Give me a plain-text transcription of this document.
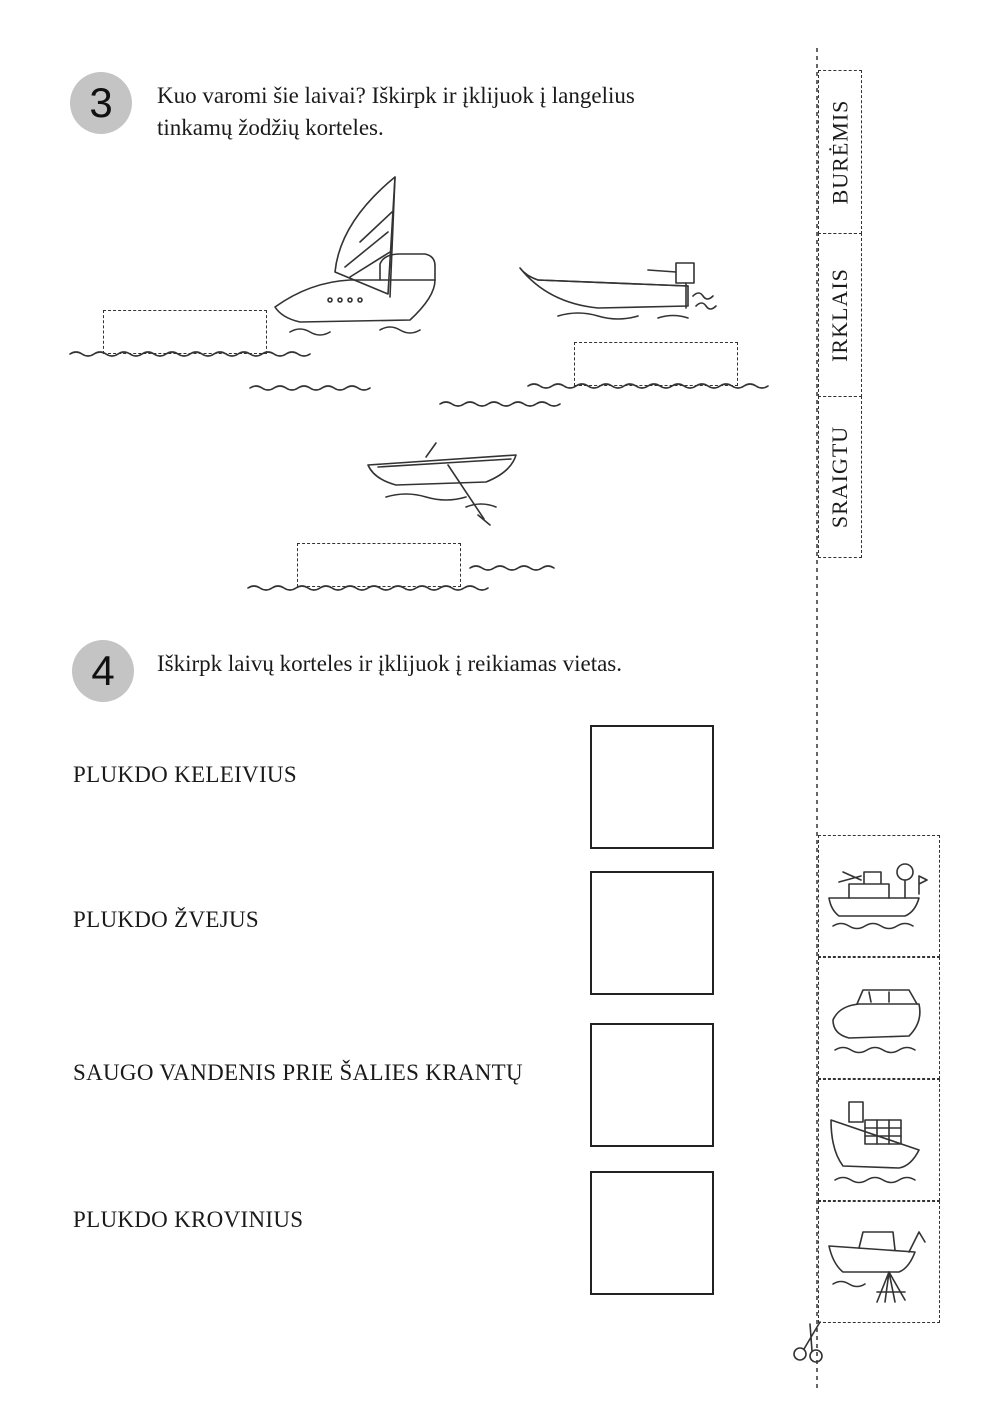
3	Kuo varomi šie laivai? Iškirpk ir įklijuok į langelius
tinkamų žodžių korteles.
4	Iškirpk laivų korteles ir įklijuok į reikiamas vietas.
PLUKDO KELEIVIUS
PLUKDO ŽVEJUS
SAUGO VANDENIS PRIE ŠALIES KRANTŲ
PLUKDO KROVINIUS
BURĖMIS
IRKLAIS
SRAIGTU
